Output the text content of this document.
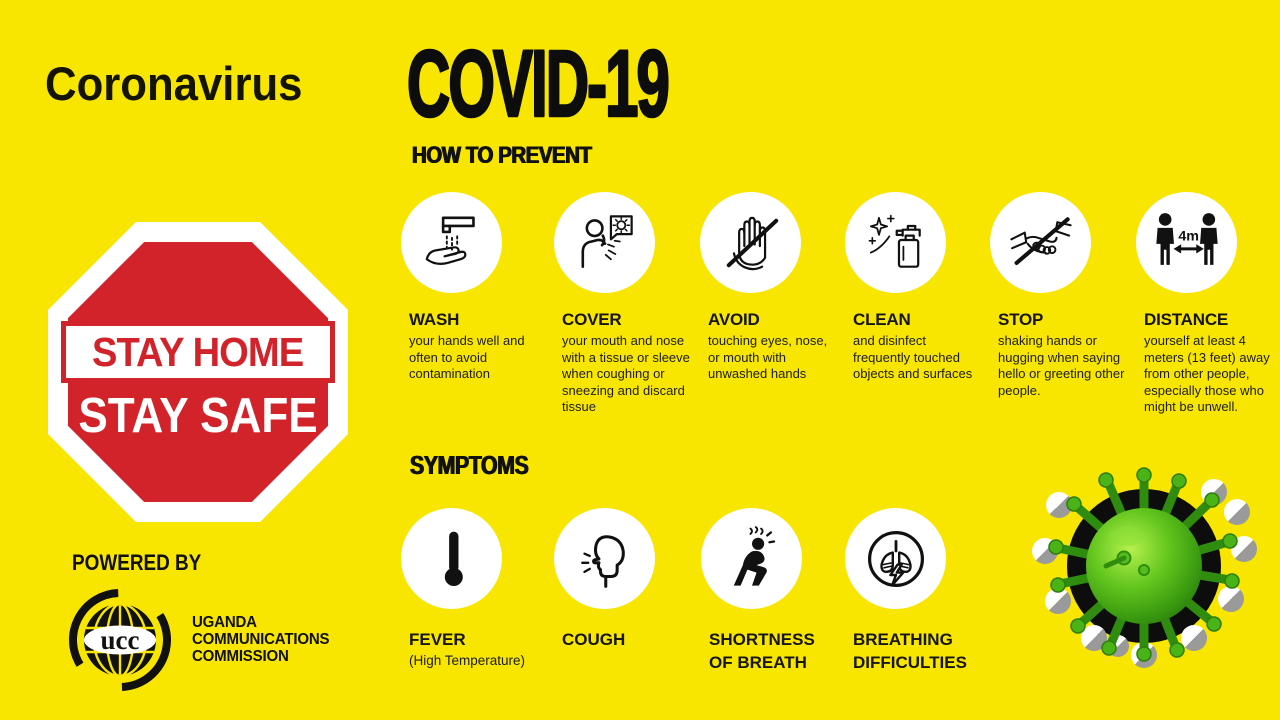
Coronavirus COVID-19
HOW TO PREVENT
WASH
your hands well and often to avoid contamination
COVER
your mouth and nose with a tissue or sleeve when coughing or sneezing and discard tissue
AVOID
touching eyes, nose, or mouth with unwashed hands
CLEAN
and disinfect frequently touched objects and surfaces
STOP
shaking hands or hugging when saying hello or greeting other people.
4m
DISTANCE
yourself at least 4 meters (13 feet) away from other people, especially those who might be unwell.
STAY HOME
STAY SAFE
SYMPTOMS
FEVER
(High Temperature)
COUGH	SHORTNESS OF BREATH
BREATHING DIFFICULTIES
POWERED BY
ucc
UGANDA
COMMUNICATIONS
COMMISSION
